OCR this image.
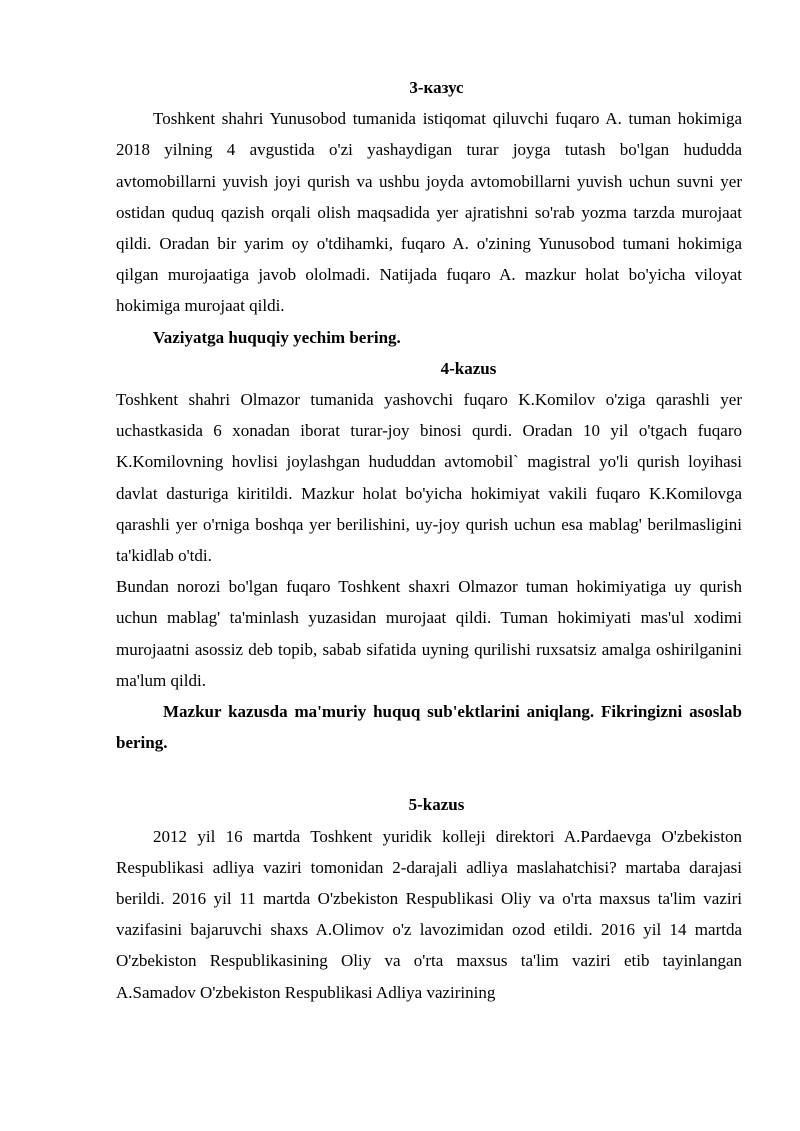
3-казус

Toshkent shahri Yunusobod tumanida istiqomat qiluvchi fuqaro A. tuman hokimiga 2018 yilning 4 avgustida o'zi yashaydigan turar joyga tutash bo'lgan hududda avtomobillarni yuvish joyi qurish va ushbu joyda avtomobillarni yuvish uchun suvni yer ostidan quduq qazish orqali olish maqsadida yer ajratishni so'rab yozma tarzda murojaat qildi. Oradan bir yarim oy o'tdihamki, fuqaro A. o'zining Yunusobod tumani hokimiga qilgan murojaatiga javob ololmadi. Natijada fuqaro A. mazkur holat bo'yicha viloyat hokimiga murojaat qildi.

Vaziyatga huquqiy yechim bering.

4-kazus

Toshkent shahri Olmazor tumanida yashovchi fuqaro K.Komilov o'ziga qarashli yer uchastkasida 6 xonadan iborat turar-joy binosi qurdi. Oradan 10 yil o'tgach fuqaro K.Komilovning hovlisi joylashgan hududdan avtomobil` magistral yo'li qurish loyihasi davlat dasturiga kiritildi. Mazkur holat bo'yicha hokimiyat vakili fuqaro K.Komilovga qarashli yer o'rniga boshqa yer berilishini, uy-joy qurish uchun esa mablag' berilmasligini ta'kidlab o'tdi.

Bundan norozi bo'lgan fuqaro Toshkent shaxri Olmazor tuman hokimiyatiga uy qurish uchun mablag' ta'minlash yuzasidan murojaat qildi. Tuman hokimiyati mas'ul xodimi murojaatni asossiz deb topib, sabab sifatida uyning qurilishi ruxsatsiz amalga oshirilganini ma'lum qildi.

Mazkur kazusda ma'muriy huquq sub'ektlarini aniqlang. Fikringizni asoslab bering.

5-kazus

2012 yil 16 martda Toshkent yuridik kolleji direktori A.Pardaevga O'zbekiston Respublikasi adliya vaziri tomonidan 2-darajali adliya maslahatchisi? martaba darajasi berildi. 2016 yil 11 martda O'zbekiston Respublikasi Oliy va o'rta maxsus ta'lim vaziri vazifasini bajaruvchi shaxs A.Olimov o'z lavozimidan ozod etildi. 2016 yil 14 martda O'zbekiston Respublikasining Oliy va o'rta maxsus ta'lim vaziri etib tayinlangan A.Samadov O'zbekiston Respublikasi Adliya vazirining
